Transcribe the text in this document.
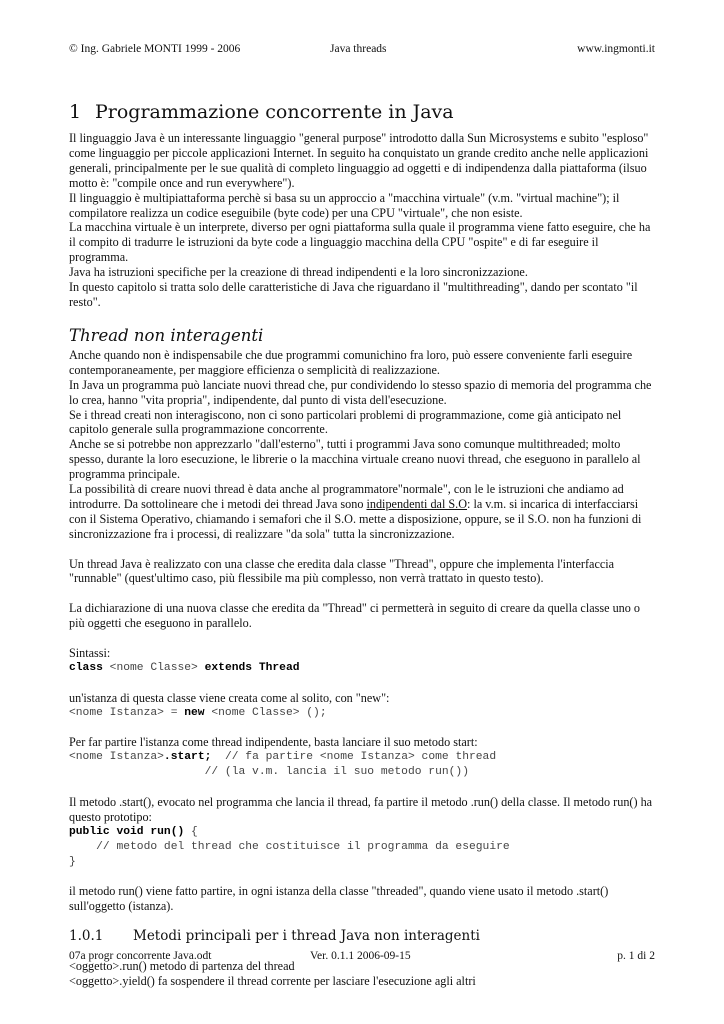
© Ing. Gabriele MONTI 1999 - 2006	Java threads	www.ingmonti.it
1 Programmazione concorrente in Java

Il linguaggio Java è un interessante linguaggio "general purpose" introdotto dalla Sun Microsystems e subito "esploso" come linguaggio per piccole applicazioni Internet. In seguito ha conquistato un grande credito anche nelle applicazioni generali, principalmente per le sue qualità di completo linguaggio ad oggetti e di indipendenza dalla piattaforma (ilsuo motto è: "compile once and run everywhere").

Il linguaggio è multipiattaforma perchè si basa su un approccio a "macchina virtuale" (v.m. "virtual machine"); il compilatore realizza un codice eseguibile (byte code) per una CPU "virtuale", che non esiste.

La macchina virtuale è un interprete, diverso per ogni piattaforma sulla quale il programma viene fatto eseguire, che ha il compito di tradurre le istruzioni da byte code a linguaggio macchina della CPU "ospite" e di far eseguire il programma.

Java ha istruzioni specifiche per la creazione di thread indipendenti e la loro sincronizzazione.

In questo capitolo si tratta solo delle caratteristiche di Java che riguardano il "multithreading", dando per scontato "il resto".

Thread non interagenti

Anche quando non è indispensabile che due programmi comunichino fra loro, può essere conveniente farli eseguire contemporaneamente, per maggiore efficienza o semplicità di realizzazione.

In Java un programma può lanciate nuovi thread che, pur condividendo lo stesso spazio di memoria del programma che lo crea, hanno "vita propria", indipendente, dal punto di vista dell'esecuzione.

Se i thread creati non interagiscono, non ci sono particolari problemi di programmazione, come già anticipato nel capitolo generale sulla programmazione concorrente.

Anche se si potrebbe non apprezzarlo "dall'esterno", tutti i programmi Java sono comunque multithreaded; molto spesso, durante la loro esecuzione, le librerie o la macchina virtuale creano nuovi thread, che eseguono in parallelo al programma principale.

La possibilità di creare nuovi thread è data anche al programmatore"normale", con le le istruzioni che andiamo ad introdurre. Da sottolineare che i metodi dei thread Java sono indipendenti dal S.O: la v.m. si incarica di interfacciarsi con il Sistema Operativo, chiamando i semafori che il S.O. mette a disposizione, oppure, se il S.O. non ha funzioni di sincronizzazione fra i processi, di realizzare "da sola" tutta la sincronizzazione.

Un thread Java è realizzato con una classe che eredita dala classe "Thread", oppure che implementa l'interfaccia "runnable" (quest'ultimo caso, più flessibile ma più complesso, non verrà trattato in questo testo).

La dichiarazione di una nuova classe che eredita da "Thread" ci permetterà in seguito di creare da quella classe uno o più oggetti che eseguono in parallelo.

Sintassi:

class <nome Classe> extends Thread

un'istanza di questa classe viene creata come al solito, con "new":

<nome Istanza> = new <nome Classe> ();

Per far partire l'istanza come thread indipendente, basta lanciare il suo metodo start:

<nome Istanza>.start;  // fa partire <nome Istanza> come thread
// (la v.m. lancia il suo metodo run())

Il metodo .start(), evocato nel programma che lancia il thread, fa partire il metodo .run() della classe. Il metodo run() ha questo prototipo:

public void run() {
// metodo del thread che costituisce il programma da eseguire
}

il metodo run() viene fatto partire, in ogni istanza della classe "threaded", quando viene usato il metodo .start() sull'oggetto (istanza).

1.0.1 Metodi principali per i thread Java non interagenti

<oggetto>.run() metodo di partenza del thread

<oggetto>.yield() fa sospendere il thread corrente per lasciare l'esecuzione agli altri

07a progr concorrente Java.odt	Ver. 0.1.1 2006-09-15	p. 1 di 2
